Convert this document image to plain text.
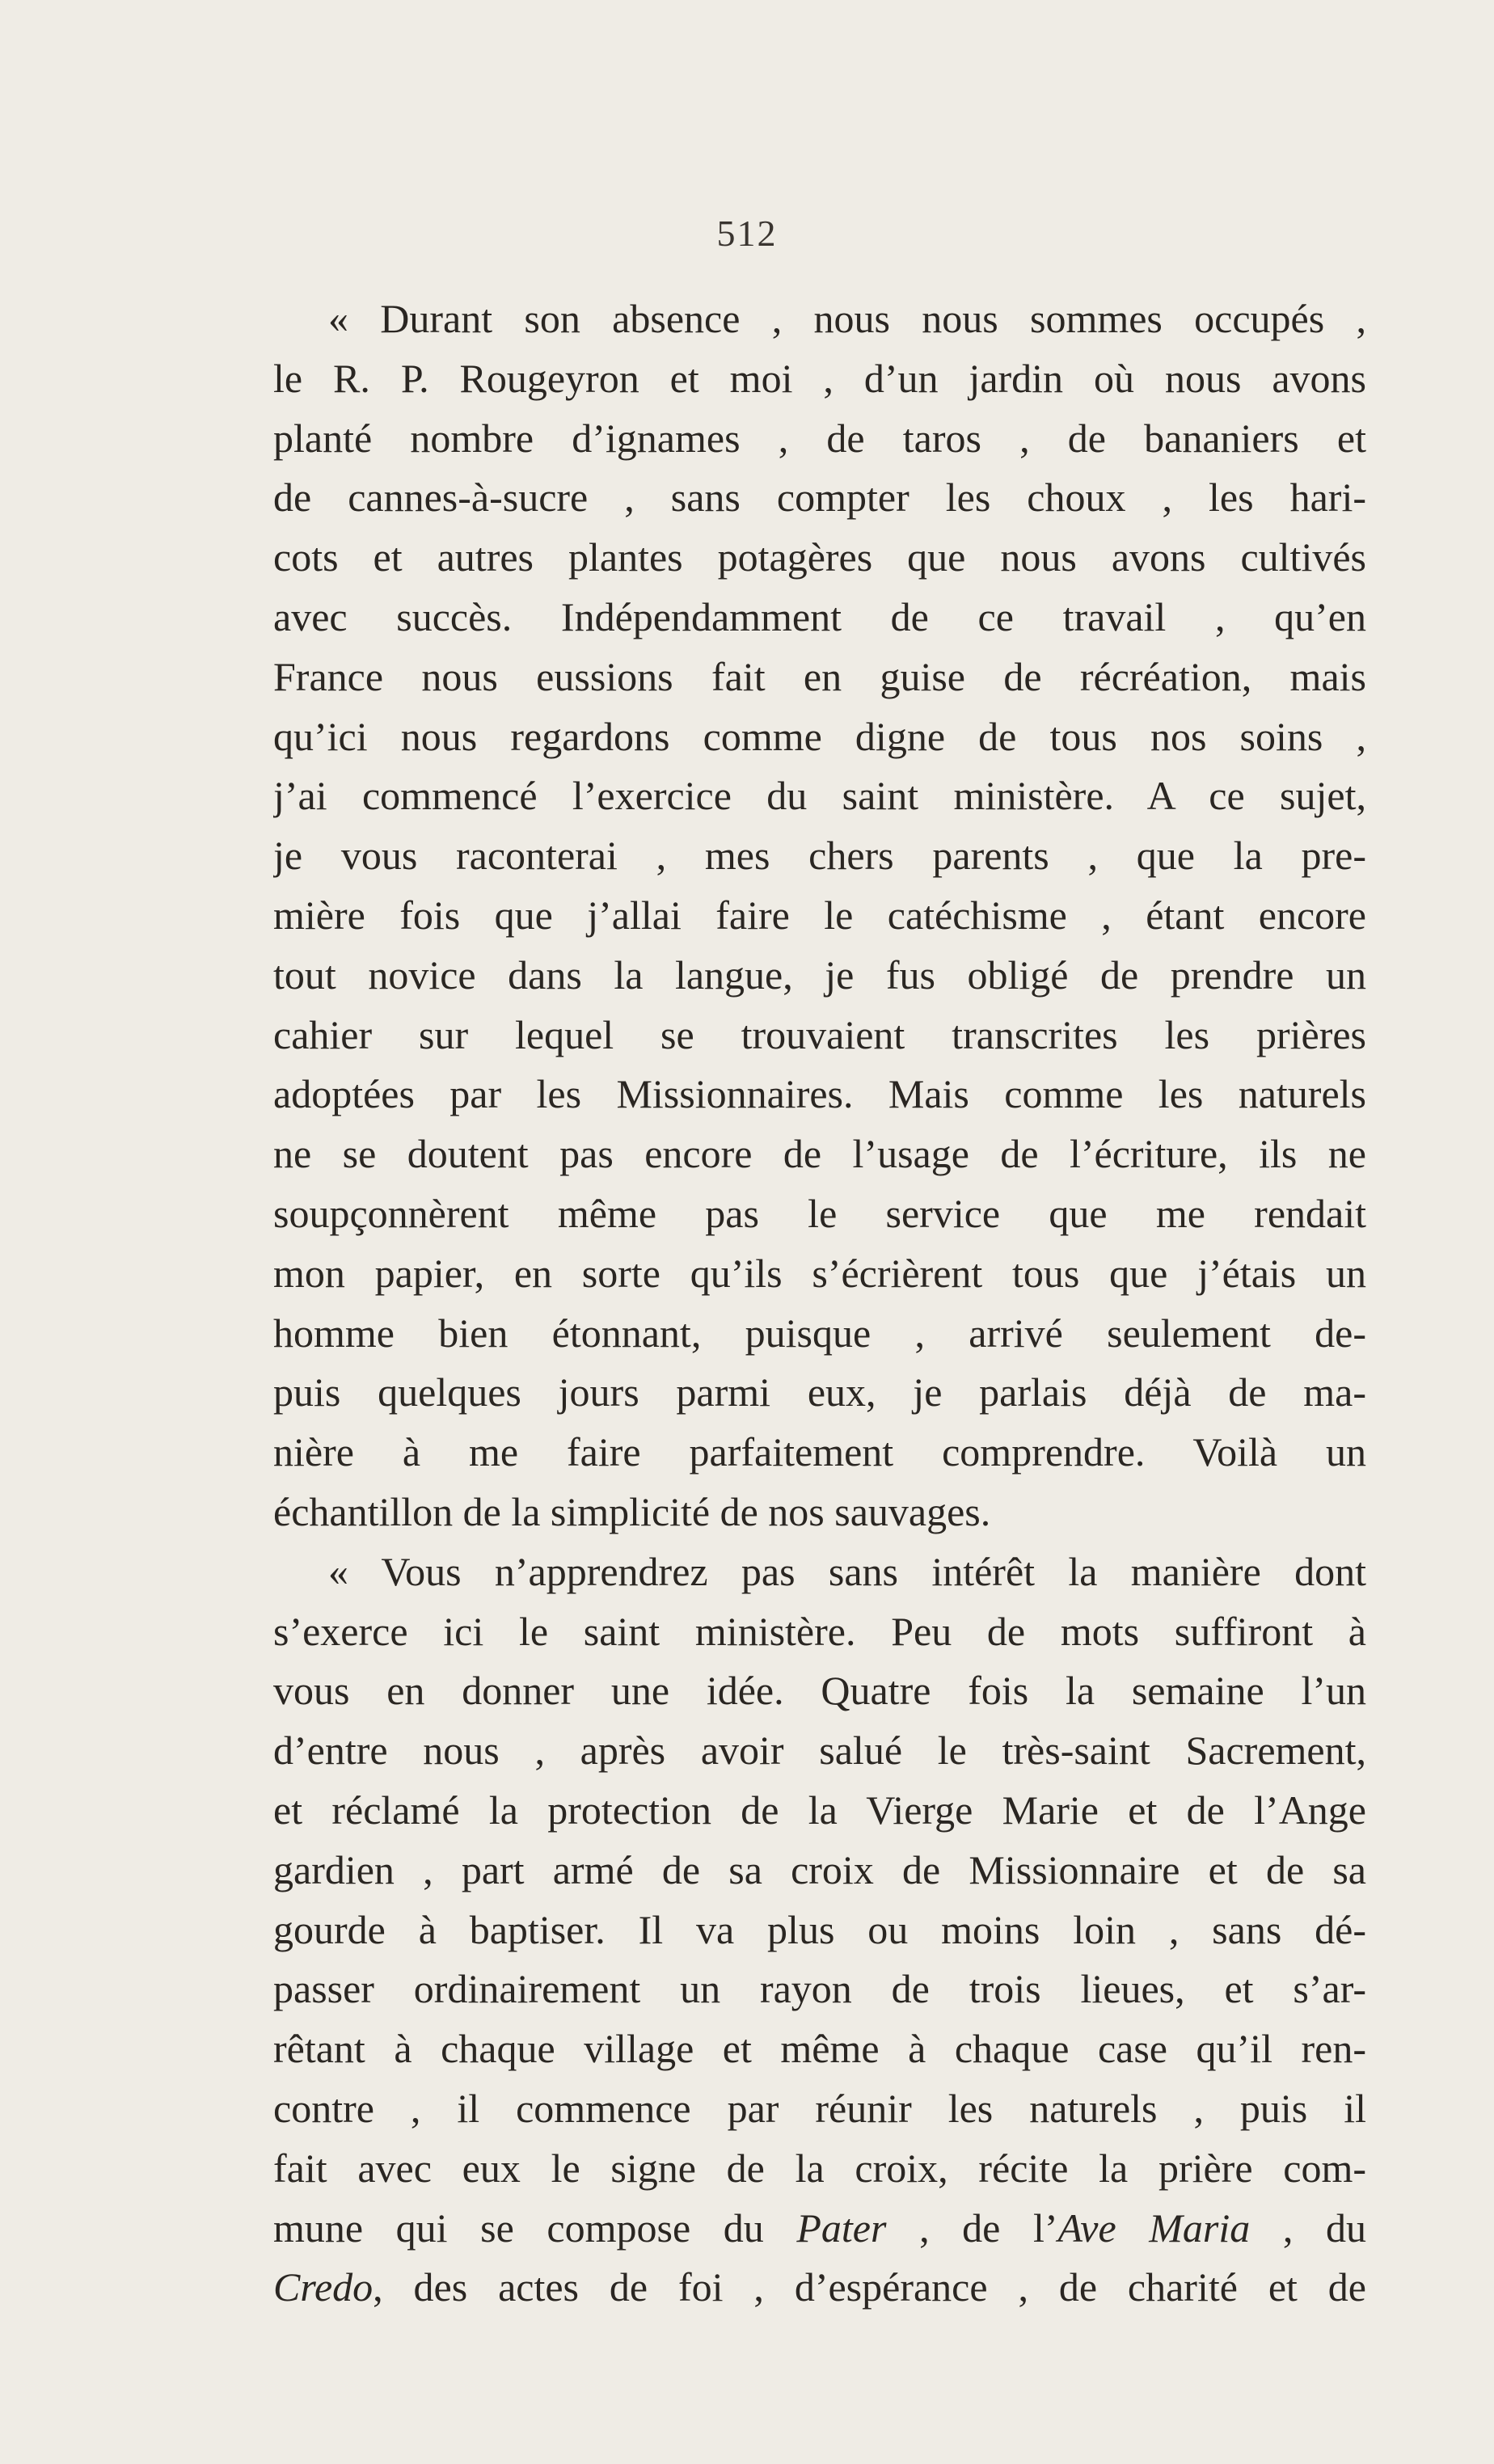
512
« Durant son absence , nous nous sommes occupés ,
le R. P. Rougeyron et moi , d’un jardin où nous avons
planté nombre d’ignames , de taros , de bananiers et
de cannes-à-sucre , sans compter les choux , les hari-
cots et autres plantes potagères que nous avons cultivés
avec succès. Indépendamment de ce travail , qu’en
France nous eussions fait en guise de récréation, mais
qu’ici nous regardons comme digne de tous nos soins ,
j’ai commencé l’exercice du saint ministère. A ce sujet,
je vous raconterai , mes chers parents , que la pre-
mière fois que j’allai faire le catéchisme , étant encore
tout novice dans la langue, je fus obligé de prendre un
cahier sur lequel se trouvaient transcrites les prières
adoptées par les Missionnaires. Mais comme les naturels
ne se doutent pas encore de l’usage de l’écriture, ils ne
soupçonnèrent même pas le service que me rendait
mon papier, en sorte qu’ils s’écrièrent tous que j’étais un
homme bien étonnant, puisque , arrivé seulement de-
puis quelques jours parmi eux, je parlais déjà de ma-
nière à me faire parfaitement comprendre. Voilà un
échantillon de la simplicité de nos sauvages.
« Vous n’apprendrez pas sans intérêt la manière dont
s’exerce ici le saint ministère. Peu de mots suffiront à
vous en donner une idée. Quatre fois la semaine l’un
d’entre nous , après avoir salué le très-saint Sacrement,
et réclamé la protection de la Vierge Marie et de l’Ange
gardien , part armé de sa croix de Missionnaire et de sa
gourde à baptiser. Il va plus ou moins loin , sans dé-
passer ordinairement un rayon de trois lieues, et s’ar-
rêtant à chaque village et même à chaque case qu’il ren-
contre , il commence par réunir les naturels , puis il
fait avec eux le signe de la croix, récite la prière com-
mune qui se compose du Pater , de l’Ave Maria , du
Credo, des actes de foi , d’espérance , de charité et de
